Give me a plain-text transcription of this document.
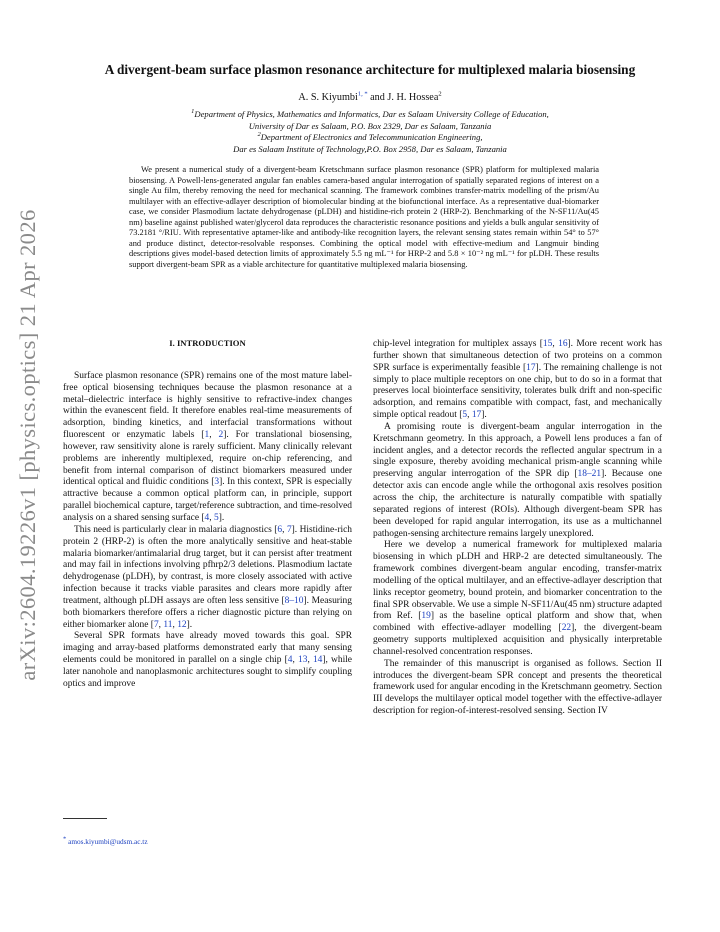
arXiv:2604.19226v1 [physics.optics] 21 Apr 2026
A divergent-beam surface plasmon resonance architecture for multiplexed malaria biosensing
A. S. Kiyumbi$^{1, *}$ and J. H. Hossea$^2$
$^1$Department of Physics, Mathematics and Informatics, Dar es Salaam University College of Education,
University of Dar es Salaam, P.O. Box 2329, Dar es Salaam, Tanzania
$^2$Department of Electronics and Telecommunication Engineering,
Dar es Salaam Institute of Technology,P.O. Box 2958, Dar es Salaam, Tanzania

We present a numerical study of a divergent-beam Kretschmann surface plasmon resonance (SPR) platform for multiplexed malaria biosensing. A Powell-lens-generated angular fan enables camera-based angular interrogation of spatially separated regions of interest on a single Au film, thereby removing the need for mechanical scanning. The framework combines transfer-matrix modelling of the prism/Au multilayer with an effective-adlayer description of biomolecular binding at the biofunctional interface. As a representative dual-biomarker case, we consider Plasmodium lactate dehydrogenase (pLDH) and histidine-rich protein 2 (HRP-2). Benchmarking of the N-SF11/Au(45 nm) baseline against published water/glycerol data reproduces the characteristic resonance positions and yields a bulk angular sensitivity of 73.2181 °/RIU. With representative aptamer-like and antibody-like recognition layers, the relevant sensing states remain within 54° to 57° and produce distinct, detector-resolvable responses. Combining the optical model with effective-medium and Langmuir binding descriptions gives model-based detection limits of approximately 5.5 ng mL⁻¹ for HRP-2 and 5.8 × 10⁻² ng mL⁻¹ for pLDH. These results support divergent-beam SPR as a viable architecture for quantitative multiplexed malaria biosensing.

I. INTRODUCTION

Surface plasmon resonance (SPR) remains one of the most mature label-free optical biosensing techniques because the plasmon resonance at a metal–dielectric interface is highly sensitive to refractive-index changes within the evanescent field. It therefore enables real-time measurements of adsorption, binding kinetics, and interfacial transformations without fluorescent or enzymatic labels [1, 2]. For translational biosensing, however, raw sensitivity alone is rarely sufficient. Many clinically relevant problems are inherently multiplexed, require on-chip referencing, and benefit from internal comparison of distinct biomarkers measured under identical optical and fluidic conditions [3]. In this context, SPR is especially attractive because a common optical platform can, in principle, support parallel biochemical capture, target/reference subtraction, and time-resolved analysis on a shared sensing surface [4, 5].

This need is particularly clear in malaria diagnostics [6, 7]. Histidine-rich protein 2 (HRP-2) is often the more analytically sensitive and heat-stable malaria biomarker/antimalarial drug target, but it can persist after treatment and may fail in infections involving pfhrp2/3 deletions. Plasmodium lactate dehydrogenase (pLDH), by contrast, is more closely associated with active infection because it tracks viable parasites and clears more rapidly after treatment, although pLDH assays are often less sensitive [8–10]. Measuring both biomarkers therefore offers a richer diagnostic picture than relying on either biomarker alone [7, 11, 12].

Several SPR formats have already moved towards this goal. SPR imaging and array-based platforms demonstrated early that many sensing elements could be monitored in parallel on a single chip [4, 13, 14], while later nanohole and nanoplasmonic architectures sought to simplify coupling optics and improve

chip-level integration for multiplex assays [15, 16]. More recent work has further shown that simultaneous detection of two proteins on a common SPR surface is experimentally feasible [17]. The remaining challenge is not simply to place multiple receptors on one chip, but to do so in a format that preserves local biointerface sensitivity, tolerates bulk drift and non-specific adsorption, and remains compatible with compact, fast, and mechanically simple optical readout [5, 17].

A promising route is divergent-beam angular interrogation in the Kretschmann geometry. In this approach, a Powell lens produces a fan of incident angles, and a detector records the reflected angular spectrum in a single exposure, thereby avoiding mechanical prism-angle scanning while preserving angular interrogation of the SPR dip [18–21]. Because one detector axis can encode angle while the orthogonal axis resolves position across the chip, the architecture is naturally compatible with spatially separated regions of interest (ROIs). Although divergent-beam SPR has been developed for rapid angular interrogation, its use as a multichannel pathogen-sensing architecture remains largely unexplored.

Here we develop a numerical framework for multiplexed malaria biosensing in which pLDH and HRP-2 are detected simultaneously. The framework combines divergent-beam angular encoding, transfer-matrix modelling of the optical multilayer, and an effective-adlayer description that links receptor geometry, bound protein, and biomarker concentration to the final SPR observable. We use a simple N-SF11/Au(45 nm) structure adapted from Ref. [19] as the baseline optical platform and show that, when combined with effective-adlayer modelling [22], the divergent-beam geometry supports multiplexed acquisition and physically interpretable channel-resolved concentration responses.

The remainder of this manuscript is organised as follows. Section II introduces the divergent-beam SPR concept and presents the theoretical framework used for angular encoding in the Kretschmann geometry. Section III develops the multilayer optical model together with the effective-adlayer description for region-of-interest-resolved sensing. Section IV

* amos.kiyumbi@udsm.ac.tz
